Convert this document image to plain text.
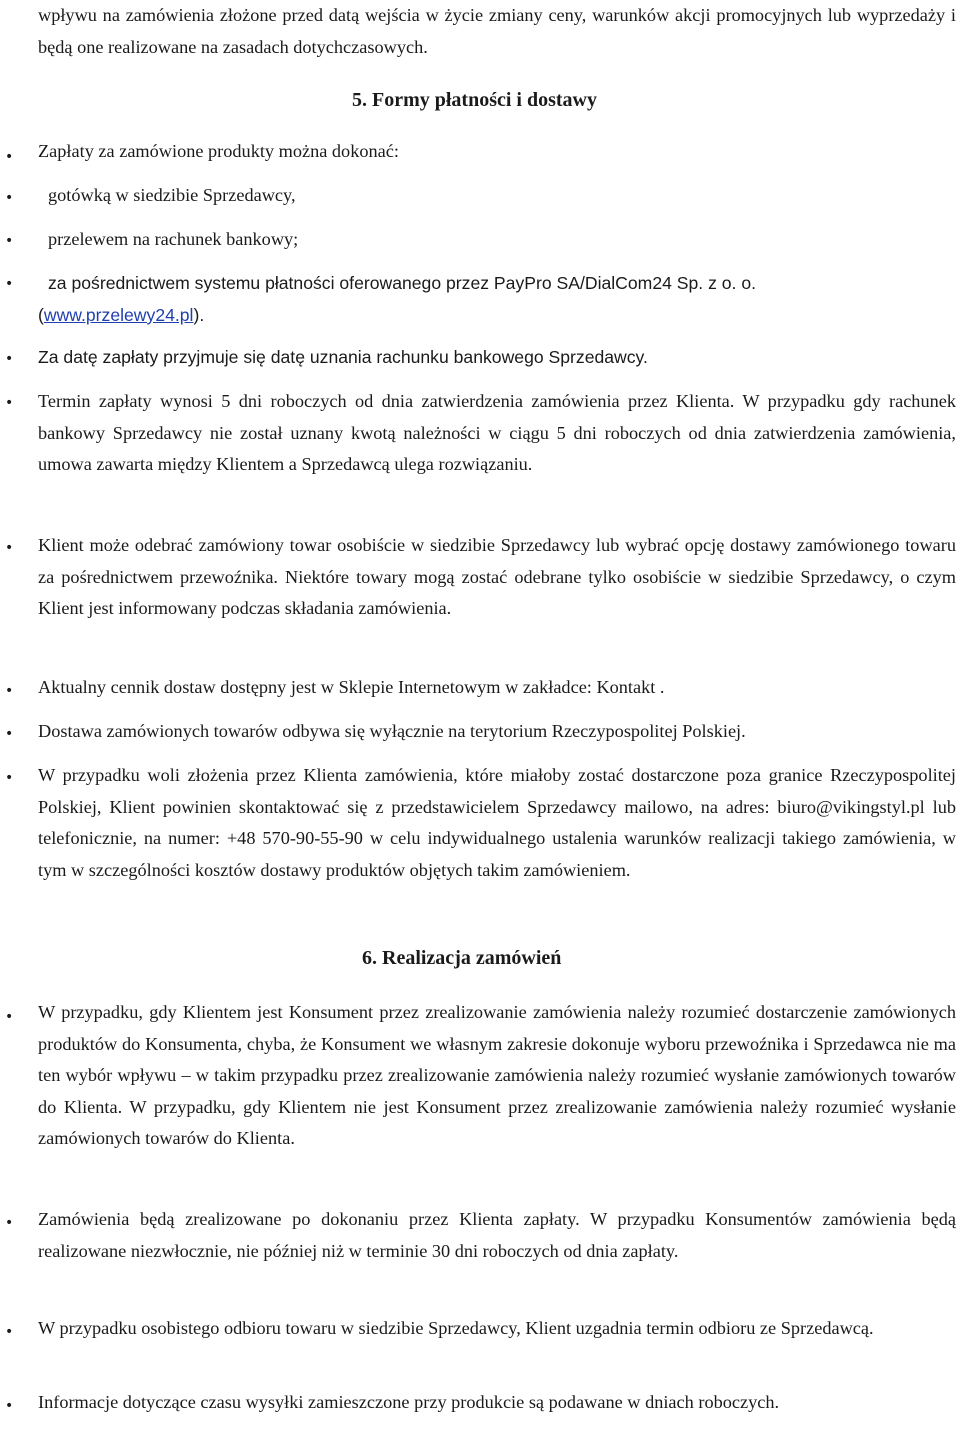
wpływu na zamówienia złożone przed datą wejścia w życie zmiany ceny, warunków akcji promocyjnych lub wyprzedaży i będą one realizowane na zasadach dotychczasowych.

5. Formy płatności i dostawy
•

Zapłaty za zamówione produkty można dokonać:

•

gotówką w siedzibie Sprzedawcy,

•

przelewem na rachunek bankowy;

•
za pośrednictwem systemu płatności oferowanego przez PayPro SA/DialCom24 Sp. z o. o.
(www.przelewy24.pl).
•

Za datę zapłaty przyjmuje się datę uznania rachunku bankowego Sprzedawcy.

•

Termin zapłaty wynosi 5 dni roboczych od dnia zatwierdzenia zamówienia przez Klienta. W przypadku gdy rachunek bankowy Sprzedawcy nie został uznany kwotą należności w ciągu 5 dni roboczych od dnia zatwierdzenia zamówienia, umowa zawarta między Klientem a Sprzedawcą ulega rozwiązaniu.

•

Klient może odebrać zamówiony towar osobiście w siedzibie Sprzedawcy lub wybrać opcję dostawy zamówionego towaru za pośrednictwem przewoźnika. Niektóre towary mogą zostać odebrane tylko osobiście w siedzibie Sprzedawcy, o czym Klient jest informowany podczas składania zamówienia.

•

Aktualny cennik dostaw dostępny jest w Sklepie Internetowym w zakładce: Kontakt .

•

Dostawa zamówionych towarów odbywa się wyłącznie na terytorium Rzeczypospolitej Polskiej.

•

W przypadku woli złożenia przez Klienta zamówienia, które miałoby zostać dostarczone poza granice Rzeczypospolitej Polskiej, Klient powinien skontaktować się z przedstawicielem Sprzedawcy mailowo, na adres: biuro@vikingstyl.pl lub telefonicznie, na numer: +48 570-90-55-90 w celu indywidualnego ustalenia warunków realizacji takiego zamówienia, w tym w szczególności kosztów dostawy produktów objętych takim zamówieniem.

6. Realizacja zamówień
•

W przypadku, gdy Klientem jest Konsument przez zrealizowanie zamówienia należy rozumieć dostarczenie zamówionych produktów do Konsumenta, chyba, że Konsument we własnym zakresie dokonuje wyboru przewoźnika i Sprzedawca nie ma ten wybór wpływu – w takim przypadku przez zrealizowanie zamówienia należy rozumieć wysłanie zamówionych towarów do Klienta. W przypadku, gdy Klientem nie jest Konsument przez zrealizowanie zamówienia należy rozumieć wysłanie zamówionych towarów do Klienta.

•

Zamówienia będą zrealizowane po dokonaniu przez Klienta zapłaty. W przypadku Konsumentów zamówienia będą realizowane niezwłocznie, nie później niż w terminie 30 dni roboczych od dnia zapłaty.

•

W przypadku osobistego odbioru towaru w siedzibie Sprzedawcy, Klient uzgadnia termin odbioru ze Sprzedawcą.

•

Informacje dotyczące czasu wysyłki zamieszczone przy produkcie są podawane w dniach roboczych.
